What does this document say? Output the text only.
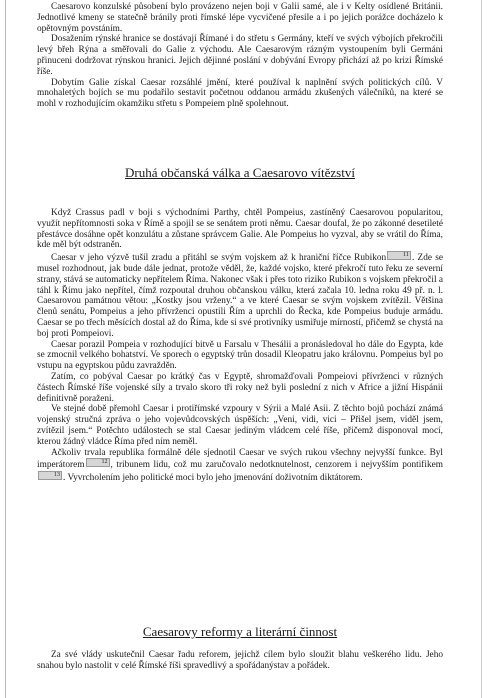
Caesarovo konzulské působení bylo provázeno nejen boji v Galii samé, ale i v Kelty osídlené Británii. Jednotlivé kmeny se statečně bránily proti římské lépe vycvičené přesile a i po jejich porážce docházelo k opětovným povstáním.

Dosažením rýnské hranice se dostávají Římané i do střetu s Germány, kteří ve svých výbojích překročili levý břeh Rýna a směřovali do Galie z východu. Ale Caesarovým rázným vystoupením byli Germáni přinuceni dodržovat rýnskou hranici. Jejich dějinné poslání v dobývání Evropy přichází až po krizi Římské říše.

Dobytím Galie získal Caesar rozsáhlé jmění, které používal k naplnění svých politických cílů. V mnohaletých bojích se mu podařilo sestavit početnou oddanou armádu zkušených válečníků, na které se mohl v rozhodujícím okamžiku střetu s Pompeiem plně spolehnout.

Druhá občanská válka a Caesarovo vítězství

Když Crassus padl v boji s východními Parthy, chtěl Pompeius, zastíněný Caesarovou popularitou, využít nepřítomnosti soka v Římě a spojil se se senátem proti němu. Caesar doufal, že po zákonné desetileté přestávce dosáhne opět konzulátu a zůstane správcem Galie. Ale Pompeius ho vyzval, aby se vrátil do Říma, kde měl být odstraněn.

Caesar v jeho výzvě tušil zradu a přitáhl se svým vojskem až k hraniční říčce Rubikon	11 . Zde se musel rozhodnout, jak bude dále jednat, protože věděl, že, každé vojsko, které překročí tuto řeku ze severní strany, stává se automaticky nepřítelem Říma. Nakonec však i přes toto riziko Rubikon s vojskem překročil a táhl k Římu jako nepřítel, čímž rozpoutal druhou občanskou válku, která začala 10. ledna roku 49 př. n. l. Caesarovou památnou větou: „Kostky jsou vrženy.“ a ve které Caesar se svým vojskem zvítězil. Většina členů senátu, Pompeius a jeho přívrženci opustili Řím a uprchli do Řecka, kde Pompeius buduje armádu. Caesar se po třech měsících dostal až do Říma, kde si své protivníky usmiřuje mírností, přičemž se chystá na boj proti Pompeiovi.

Caesar porazil Pompeia v rozhodující bitvě u Farsalu v Thesálii a pronásledoval ho dále do Egypta, kde se zmocnil velkého bohatství. Ve sporech o egyptský trůn dosadil Kleopatru jako královnu. Pompeius byl po vstupu na egyptskou půdu zavražděn.

Zatím, co pobýval Caesar po krátký čas v Egyptě, shromažďovali Pompeiovi přívrženci v různých částech Římské říše vojenské síly a trvalo skoro tři roky než byli poslední z nich v Africe a jižní Hispánii definitivně poraženi.

Ve stejné době přemohl Caesar i protiřímské vzpoury v Sýrii a Malé Asii. Z těchto bojů pochází známá vojenský stručná zpráva o jeho vojevůdcovských úspěších: „Veni, vidi, vici – Přišel jsem, viděl jsem, zvítězil jsem.“ Potěchto událostech se stal Caesar jediným vládcem celé říše, přičemž disponoval mocí, kterou žádný vládce Říma před ním neměl.

Ačkoliv trvala republika formálně déle sjednotil Caesar ve svých rukou všechny nejvyšší funkce. Byl imperátorem	12 , tribunem lidu, což mu zaručovalo nedotknutelnost, cenzorem i nejvyšším pontifikem13 . Vyvrcholením jeho politické moci bylo jeho jmenování doživotním diktátorem.

Caesarovy reformy a literární činnost

Za své vlády uskutečnil Caesar řadu reforem, jejichž cílem bylo sloužit blahu veškerého lidu. Jeho snahou bylo nastolit v celé Římské říši spravedlivý a spořádanýstav a pořádek.
